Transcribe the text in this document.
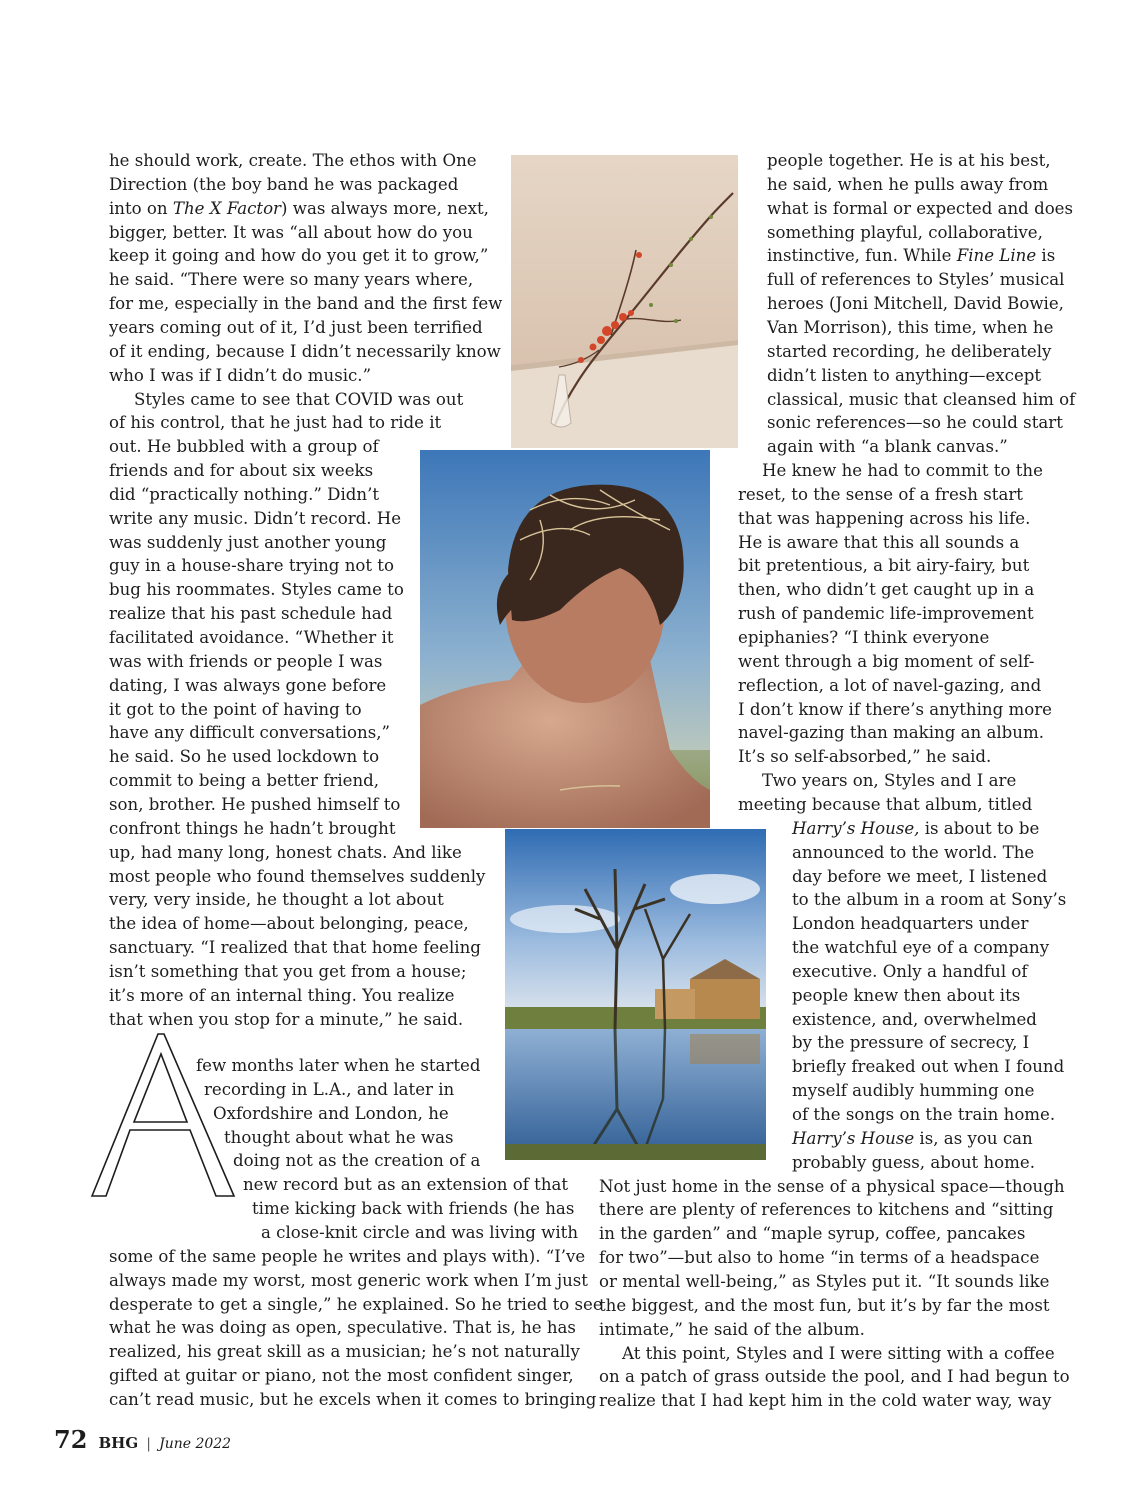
he should work, create. The ethos with One
Direction (the boy band he was packaged
into on The X Factor) was always more, next,
bigger, better. It was “all about how do you
keep it going and how do you get it to grow,”
he said. “There were so many years where,
for me, especially in the band and the first few
years coming out of it, I’d just been terrified
of it ending, because I didn’t necessarily know
who I was if I didn’t do music.”
Styles came to see that COVID was out
of his control, that he just had to ride it
out. He bubbled with a group of
friends and for about six weeks
did “practically nothing.” Didn’t
write any music. Didn’t record. He
was suddenly just another young
guy in a house-share trying not to
bug his roommates. Styles came to
realize that his past schedule had
facilitated avoidance. “Whether it
was with friends or people I was
dating, I was always gone before
it got to the point of having to
have any difficult conversations,”
he said. So he used lockdown to
commit to being a better friend,
son, brother. He pushed himself to
confront things he hadn’t brought
up, had many long, honest chats. And like
most people who found themselves suddenly
very, very inside, he thought a lot about
the idea of home—about belonging, peace,
sanctuary. “I realized that that home feeling
isn’t something that you get from a house;
it’s more of an internal thing. You realize
that when you stop for a minute,” he said.
few months later when he started
recording in L.A., and later in
Oxfordshire and London, he
thought about what he was
doing not as the creation of a
new record but as an extension of that
time kicking back with friends (he has
a close-knit circle and was living with
some of the same people he writes and plays with). “I’ve
always made my worst, most generic work when I’m just
desperate to get a single,” he explained. So he tried to see
what he was doing as open, speculative. That is, he has
realized, his great skill as a musician; he’s not naturally
gifted at guitar or piano, not the most confident singer,
can’t read music, but he excels when it comes to bringing
people together. He is at his best,
he said, when he pulls away from
what is formal or expected and does
something playful, collaborative,
instinctive, fun. While Fine Line is
full of references to Styles’ musical
heroes (Joni Mitchell, David Bowie,
Van Morrison), this time, when he
started recording, he deliberately
didn’t listen to anything—except
classical, music that cleansed him of
sonic references—so he could start
again with “a blank canvas.”
He knew he had to commit to the
reset, to the sense of a fresh start
that was happening across his life.
He is aware that this all sounds a
bit pretentious, a bit airy-fairy, but
then, who didn’t get caught up in a
rush of pandemic life-improvement
epiphanies? “I think everyone
went through a big moment of self-
reflection, a lot of navel-gazing, and
I don’t know if there’s anything more
navel-gazing than making an album.
It’s so self-absorbed,” he said.
Two years on, Styles and I are
meeting because that album, titled
Harry’s House, is about to be
announced to the world. The
day before we meet, I listened
to the album in a room at Sony’s
London headquarters under
the watchful eye of a company
executive. Only a handful of
people knew then about its
existence, and, overwhelmed
by the pressure of secrecy, I
briefly freaked out when I found
myself audibly humming one
of the songs on the train home.
Harry’s House is, as you can
probably guess, about home.
Not just home in the sense of a physical space—though
there are plenty of references to kitchens and “sitting
in the garden” and “maple syrup, coffee, pancakes
for two”—but also to home “in terms of a headspace
or mental well-being,” as Styles put it. “It sounds like
the biggest, and the most fun, but it’s by far the most
intimate,” he said of the album.
At this point, Styles and I were sitting with a coffee
on a patch of grass outside the pool, and I had begun to
realize that I had kept him in the cold water way, way
72 BHG | June 2022
